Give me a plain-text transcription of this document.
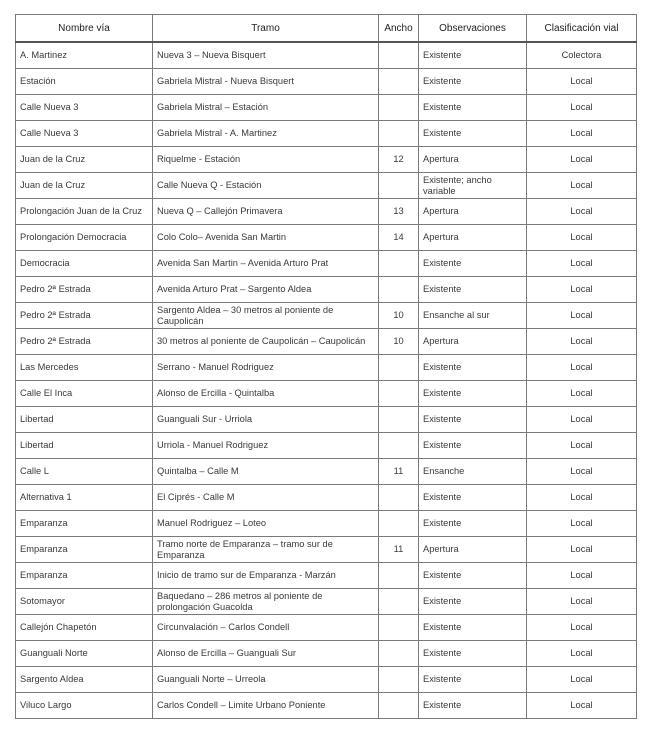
Nombre vía	Tramo	Ancho	Observaciones	Clasificación vial
A. Martinez	Nueva 3 – Nueva Bisquert		Existente	Colectora
Estación	Gabriela Mistral - Nueva Bisquert		Existente	Local
Calle Nueva 3	Gabriela Mistral – Estación		Existente	Local
Calle Nueva 3	Gabriela Mistral - A. Martinez		Existente	Local
Juan de la Cruz	Riquelme - Estación	12	Apertura	Local
Juan de la Cruz	Calle Nueva Q - Estación		Existente; ancho variable	Local
Prolongación Juan de la Cruz	Nueva Q – Callejón Primavera	13	Apertura	Local
Prolongación Democracia	Colo Colo– Avenida San Martin	14	Apertura	Local
Democracia	Avenida San Martin – Avenida Arturo Prat		Existente	Local
Pedro 2ª Estrada	Avenida Arturo Prat – Sargento Aldea		Existente	Local
Pedro 2ª Estrada	Sargento Aldea – 30 metros al poniente de Caupolicán	10	Ensanche al sur	Local
Pedro 2ª Estrada	30 metros al poniente de Caupolicán – Caupolicán	10	Apertura	Local
Las Mercedes	Serrano - Manuel Rodriguez		Existente	Local
Calle El Inca	Alonso de Ercilla - Quintalba		Existente	Local
Libertad	Guanguali Sur - Urriola		Existente	Local
Libertad	Urriola - Manuel Rodriguez		Existente	Local
Calle L	Quintalba – Calle M	11	Ensanche	Local
Alternativa 1	El Ciprés - Calle M		Existente	Local
Emparanza	Manuel Rodriguez – Loteo		Existente	Local
Emparanza	Tramo norte de Emparanza – tramo sur de Emparanza	11	Apertura	Local
Emparanza	Inicio de tramo sur de Emparanza - Marzán		Existente	Local
Sotomayor	Baquedano – 286 metros al poniente de prolongación Guacolda		Existente	Local
Callejón Chapetón	Circunvalación – Carlos Condell		Existente	Local
Guanguali Norte	Alonso de Ercilla – Guanguali Sur		Existente	Local
Sargento Aldea	Guanguali Norte – Urreola		Existente	Local
Viluco Largo	Carlos Condell – Limite Urbano Poniente		Existente	Local
